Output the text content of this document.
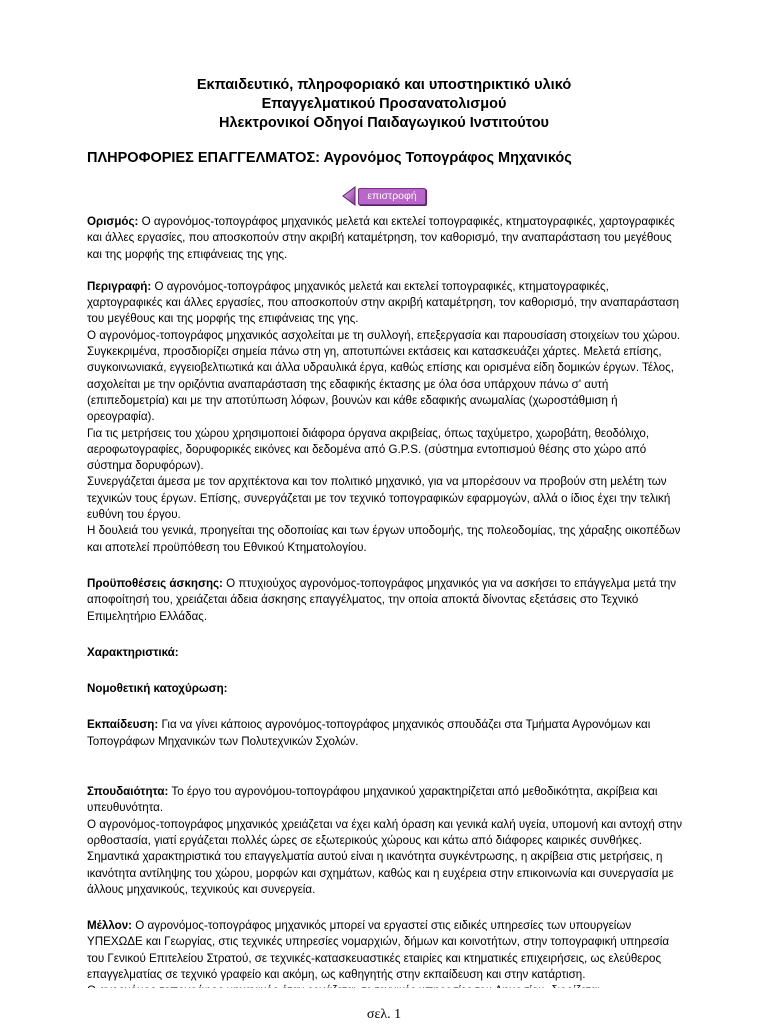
Εκπαιδευτικό, πληροφοριακό και υποστηρικτικό υλικό
Επαγγελματικού Προσανατολισμού
Ηλεκτρονικοί Οδηγοί Παιδαγωγικού Ινστιτούτου
ΠΛΗΡΟΦΟΡΙΕΣ ΕΠΑΓΓΕΛΜΑΤΟΣ: Αγρονόμος Τοπογράφος Μηχανικός
επιστροφή

Ορισμός: Ο αγρονόμος-τοπογράφος μηχανικός μελετά και εκτελεί τοπογραφικές, κτηματογραφικές, χαρτογραφικές και άλλες εργασίες, που αποσκοπούν στην ακριβή καταμέτρηση, τον καθορισμό, την αναπαράσταση του μεγέθους και της μορφής της επιφάνειας της γης.

Περιγραφή: Ο αγρονόμος-τοπογράφος μηχανικός μελετά και εκτελεί τοπογραφικές, κτηματογραφικές, χαρτογραφικές και άλλες εργασίες, που αποσκοπούν στην ακριβή καταμέτρηση, τον καθορισμό, την αναπαράσταση του μεγέθους και της μορφής της επιφάνειας της γης.

Ο αγρονόμος-τοπογράφος μηχανικός ασχολείται με τη συλλογή, επεξεργασία και παρουσίαση στοιχείων του χώρου. Συγκεκριμένα, προσδιορίζει σημεία πάνω στη γη, αποτυπώνει εκτάσεις και κατασκευάζει χάρτες. Μελετά επίσης, συγκοινωνιακά, εγγειοβελτιωτικά και άλλα υδραυλικά έργα, καθώς επίσης και ορισμένα είδη δομικών έργων. Τέλος, ασχολείται με την οριζόντια αναπαράσταση της εδαφικής έκτασης με όλα όσα υπάρχουν πάνω σ' αυτή (επιπεδομετρία) και με την αποτύπωση λόφων, βουνών και κάθε εδαφικής ανωμαλίας (χωροστάθμιση ή ορεογραφία).

Για τις μετρήσεις του χώρου χρησιμοποιεί διάφορα όργανα ακριβείας, όπως ταχύμετρο, χωροβάτη, θεοδόλιχο, αεροφωτογραφίες, δορυφορικές εικόνες και δεδομένα από G.P.S. (σύστημα εντοπισμού θέσης στο χώρο από σύστημα δορυφόρων).

Συνεργάζεται άμεσα με τον αρχιτέκτονα και τον πολιτικό μηχανικό, για να μπορέσουν να προβούν στη μελέτη των τεχνικών τους έργων. Επίσης, συνεργάζεται με τον τεχνικό τοπογραφικών εφαρμογών, αλλά ο ίδιος έχει την τελική ευθύνη του έργου.

Η δουλειά του γενικά, προηγείται της οδοποιίας και των έργων υποδομής, της πολεοδομίας, της χάραξης οικοπέδων και αποτελεί προϋπόθεση του Εθνικού Κτηματολογίου.

Προϋποθέσεις άσκησης: Ο πτυχιούχος αγρονόμος-τοπογράφος μηχανικός για να ασκήσει το επάγγελμα μετά την αποφοίτησή του, χρειάζεται άδεια άσκησης επαγγέλματος, την οποία αποκτά δίνοντας εξετάσεις στο Τεχνικό Επιμελητήριο Ελλάδας.

Χαρακτηριστικά:

Νομοθετική κατοχύρωση:

Εκπαίδευση: Για να γίνει κάποιος αγρονόμος-τοπογράφος μηχανικός σπουδάζει στα Τμήματα Αγρονόμων και Τοπογράφων Μηχανικών των Πολυτεχνικών Σχολών.

Σπουδαιότητα: Το έργο του αγρονόμου-τοπογράφου μηχανικού χαρακτηρίζεται από μεθοδικότητα, ακρίβεια και υπευθυνότητα.

Ο αγρονόμος-τοπογράφος μηχανικός χρειάζεται να έχει καλή όραση και γενικά καλή υγεία, υπομονή και αντοχή στην ορθοστασία, γιατί εργάζεται πολλές ώρες σε εξωτερικούς χώρους και κάτω από διάφορες καιρικές συνθήκες.

Σημαντικά χαρακτηριστικά του επαγγελματία αυτού είναι η ικανότητα συγκέντρωσης, η ακρίβεια στις μετρήσεις, η ικανότητα αντίληψης του χώρου, μορφών και σχημάτων, καθώς και η ευχέρεια στην επικοινωνία και συνεργασία με άλλους μηχανικούς, τεχνικούς και συνεργεία.

Μέλλον: Ο αγρονόμος-τοπογράφος μηχανικός μπορεί να εργαστεί στις ειδικές υπηρεσίες των υπουργείων ΥΠΕΧΩΔΕ και Γεωργίας, στις τεχνικές υπηρεσίες νομαρχιών, δήμων και κοινοτήτων, στην τοπογραφική υπηρεσία του Γενικού Επιτελείου Στρατού, σε τεχνικές-κατασκευαστικές εταιρίες και κτηματικές επιχειρήσεις, ως ελεύθερος επαγγελματίας σε τεχνικό γραφείο και ακόμη, ως καθηγητής στην εκπαίδευση και στην κατάρτιση.

σελ. 1
